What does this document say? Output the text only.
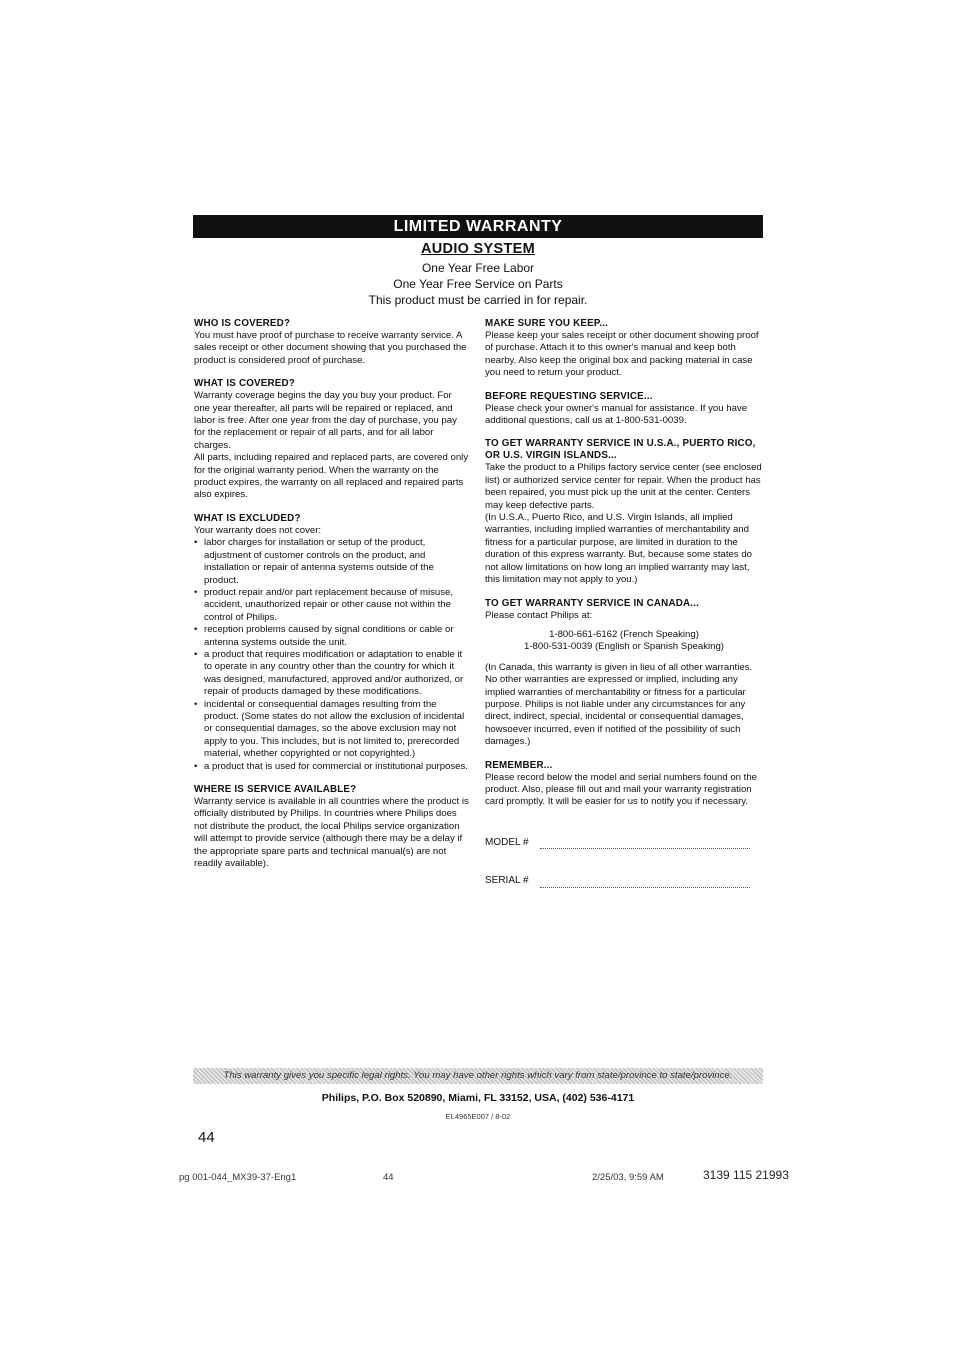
LIMITED WARRANTY
AUDIO SYSTEM
One Year Free Labor
One Year Free Service on Parts
This product must be carried in for repair.
WHO IS COVERED?

You must have proof of purchase to receive warranty service. A sales receipt or other document showing that you purchased the product is considered proof of purchase.

WHAT IS COVERED?

Warranty coverage begins the day you buy your product. For one year thereafter, all parts will be repaired or replaced, and labor is free. After one year from the day of purchase, you pay for the replacement or repair of all parts, and for all labor charges.

All parts, including repaired and replaced parts, are covered only for the original warranty period. When the warranty on the product expires, the warranty on all replaced and repaired parts also expires.

WHAT IS EXCLUDED?

Your warranty does not cover:

• labor charges for installation or setup of the product, adjustment of customer controls on the product, and installation or repair of antenna systems outside of the product.
• product repair and/or part replacement because of misuse, accident, unauthorized repair or other cause not within the control of Philips.
• reception problems caused by signal conditions or cable or antenna systems outside the unit.
• a product that requires modification or adaptation to enable it to operate in any country other than the country for which it was designed, manufactured, approved and/or authorized, or repair of products damaged by these modifications.
• incidental or consequential damages resulting from the product. (Some states do not allow the exclusion of incidental or consequential damages, so the above exclusion may not apply to you. This includes, but is not limited to, prerecorded material, whether copyrighted or not copyrighted.)
• a product that is used for commercial or institutional purposes.
WHERE IS SERVICE AVAILABLE?

Warranty service is available in all countries where the product is officially distributed by Philips. In countries where Philips does not distribute the product, the local Philips service organization will attempt to provide service (although there may be a delay if the appropriate spare parts and technical manual(s) are not readily available).

MAKE SURE YOU KEEP...

Please keep your sales receipt or other document showing proof of purchase. Attach it to this owner's manual and keep both nearby. Also keep the original box and packing material in case you need to return your product.

BEFORE REQUESTING SERVICE...

Please check your owner's manual for assistance. If you have additional questions, call us at 1-800-531-0039.

TO GET WARRANTY SERVICE IN U.S.A., PUERTO RICO, OR U.S. VIRGIN ISLANDS...

Take the product to a Philips factory service center (see enclosed list) or authorized service center for repair. When the product has been repaired, you must pick up the unit at the center. Centers may keep defective parts.

(In U.S.A., Puerto Rico, and U.S. Virgin Islands, all implied warranties, including implied warranties of merchantability and fitness for a particular purpose, are limited in duration to the duration of this express warranty. But, because some states do not allow limitations on how long an implied warranty may last, this limitation may not apply to you.)

TO GET WARRANTY SERVICE IN CANADA...

Please contact Philips at:

1-800-661-6162 (French Speaking)
1-800-531-0039 (English or Spanish Speaking)

(In Canada, this warranty is given in lieu of all other warranties. No other warranties are expressed or implied, including any implied warranties of merchantability or fitness for a particular purpose. Philips is not liable under any circumstances for any direct, indirect, special, incidental or consequential damages, howsoever incurred, even if notified of the possibility of such damages.)

REMEMBER...

Please record below the model and serial numbers found on the product. Also, please fill out and mail your warranty registration card promptly. It will be easier for us to notify you if necessary.

MODEL #
SERIAL #
This warranty gives you specific legal rights. You may have other rights which vary from state/province to state/province.
Philips, P.O. Box 520890, Miami, FL 33152, USA, (402) 536-4171
EL4965E007 / 8-02
44
pg 001-044_MX39-37-Eng1	44	2/25/03, 9:59 AM	3139 115 21993
